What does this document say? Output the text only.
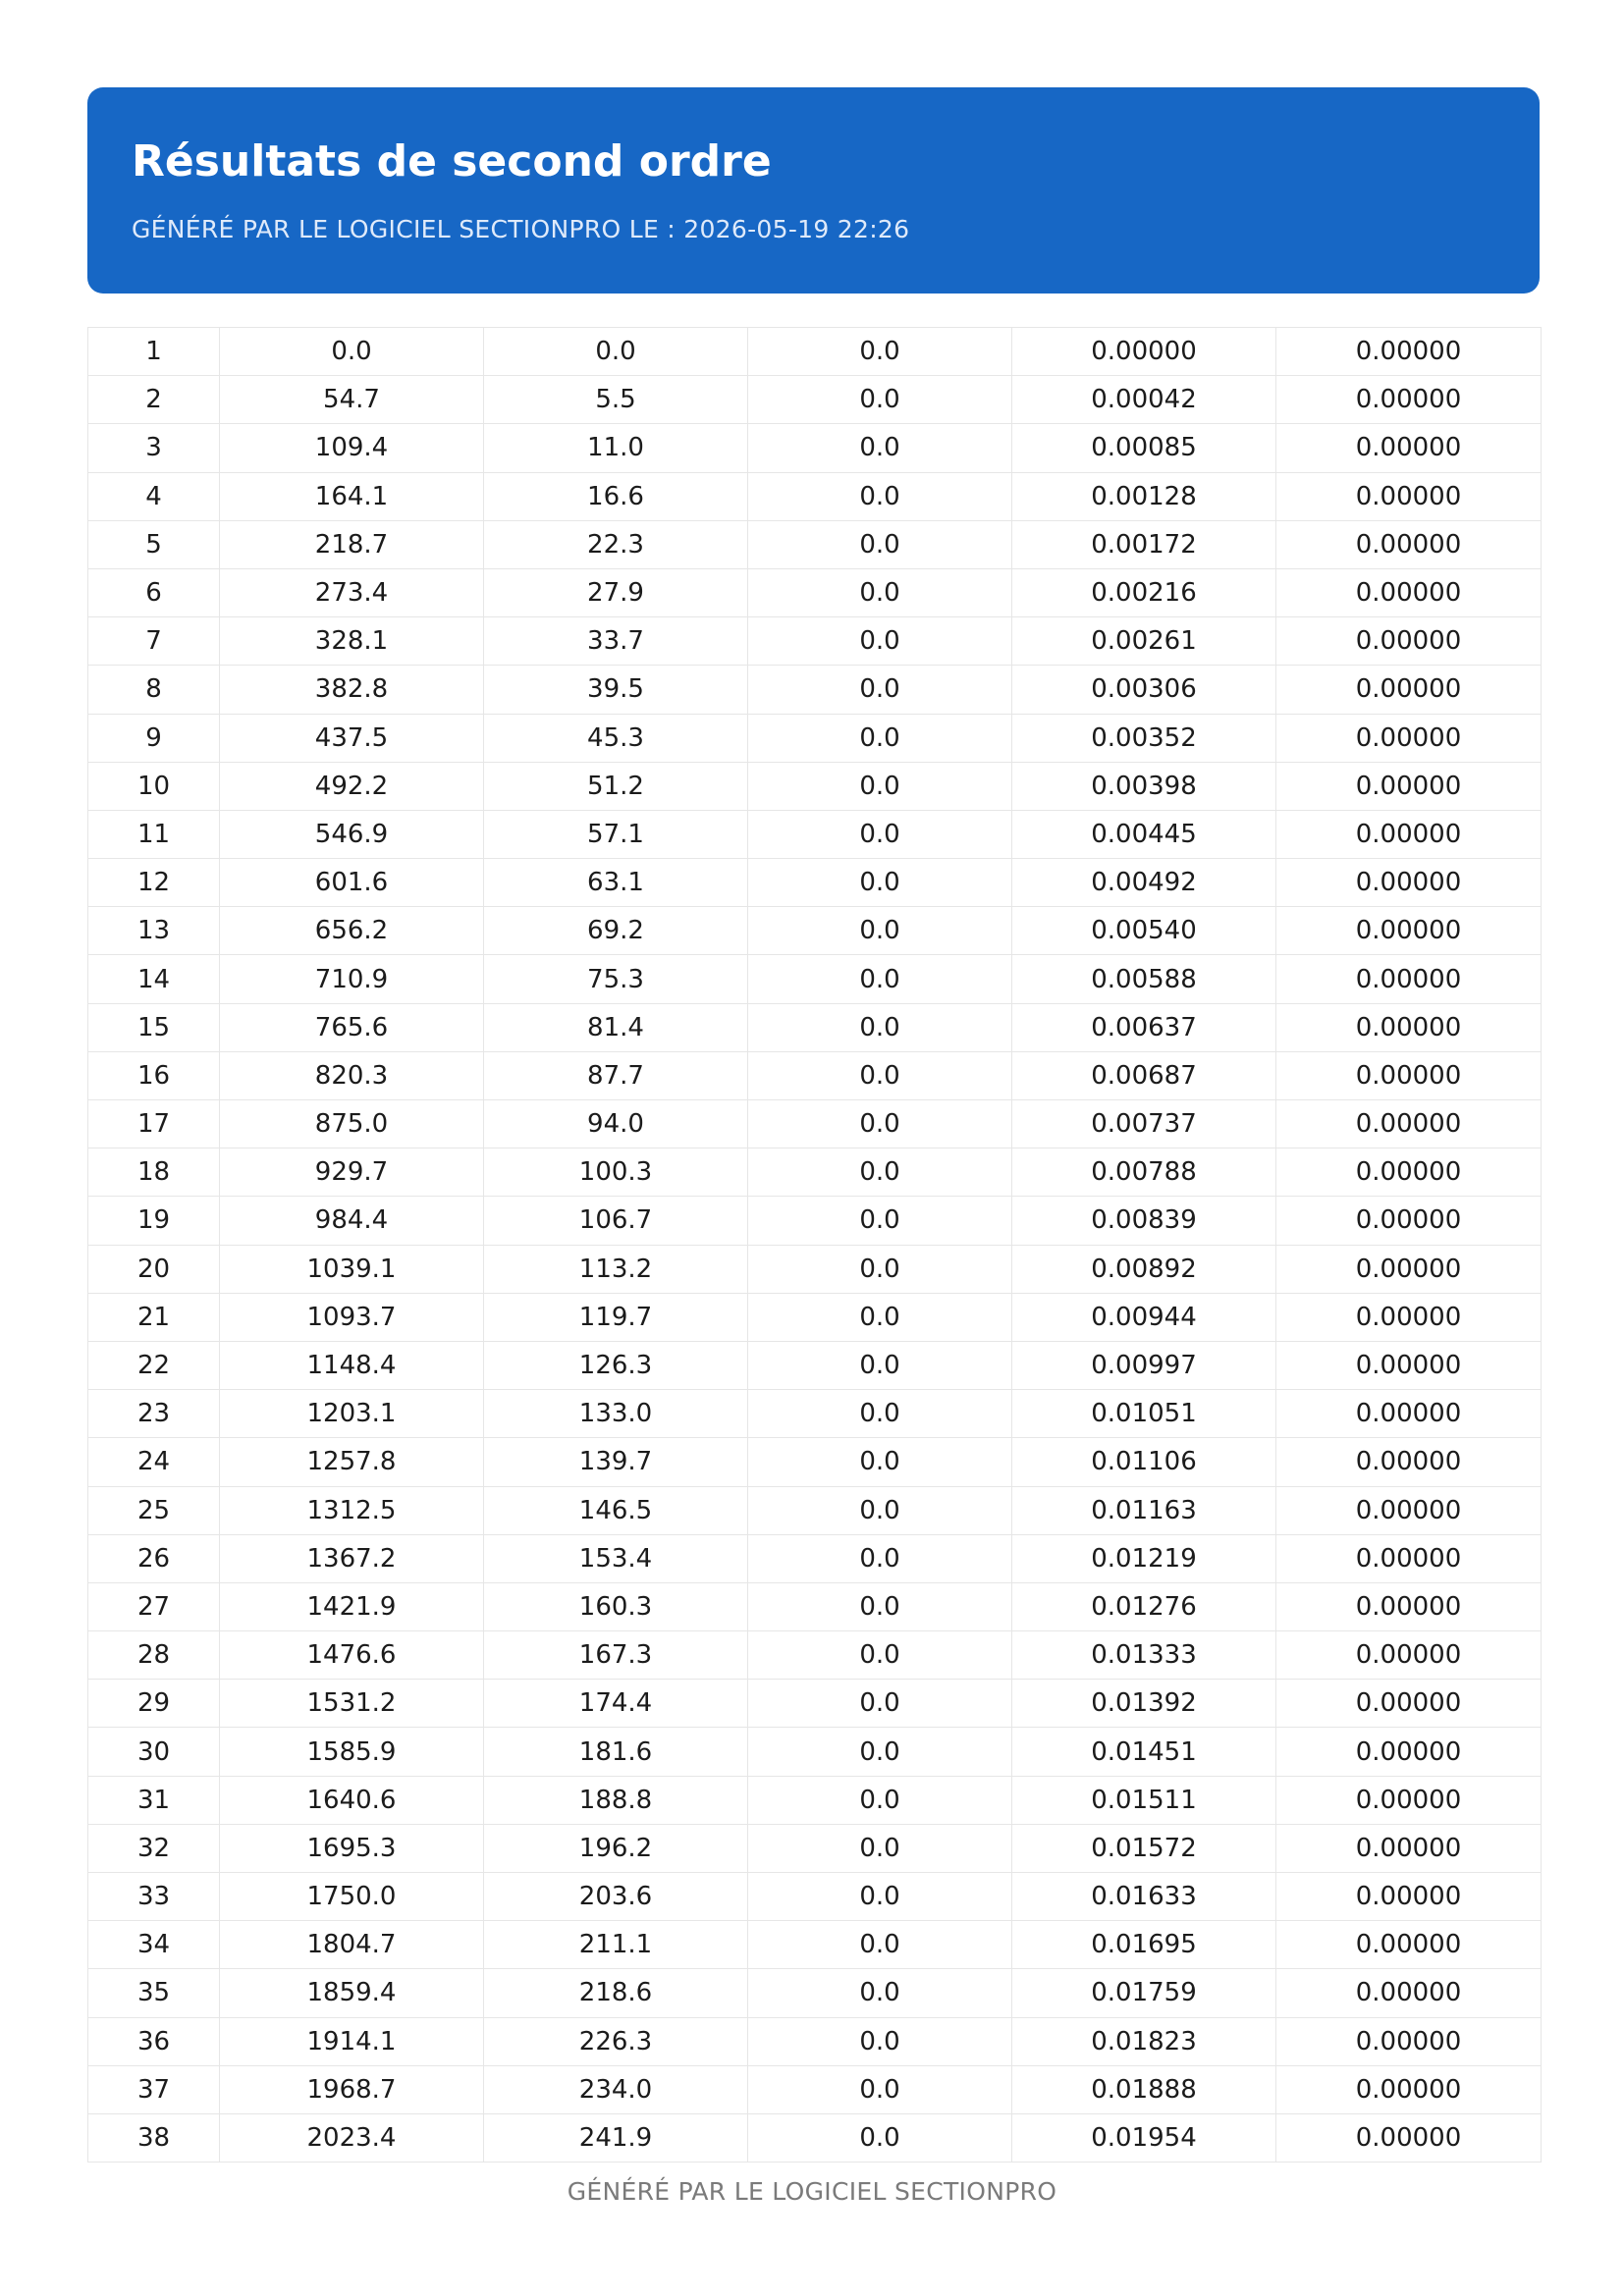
Résultats de second ordre
GÉNÉRÉ PAR LE LOGICIEL SECTIONPRO LE : 2026-05-19 22:26
1	0.0	0.0	0.0	0.00000	0.00000
2	54.7	5.5	0.0	0.00042	0.00000
3	109.4	11.0	0.0	0.00085	0.00000
4	164.1	16.6	0.0	0.00128	0.00000
5	218.7	22.3	0.0	0.00172	0.00000
6	273.4	27.9	0.0	0.00216	0.00000
7	328.1	33.7	0.0	0.00261	0.00000
8	382.8	39.5	0.0	0.00306	0.00000
9	437.5	45.3	0.0	0.00352	0.00000
10	492.2	51.2	0.0	0.00398	0.00000
11	546.9	57.1	0.0	0.00445	0.00000
12	601.6	63.1	0.0	0.00492	0.00000
13	656.2	69.2	0.0	0.00540	0.00000
14	710.9	75.3	0.0	0.00588	0.00000
15	765.6	81.4	0.0	0.00637	0.00000
16	820.3	87.7	0.0	0.00687	0.00000
17	875.0	94.0	0.0	0.00737	0.00000
18	929.7	100.3	0.0	0.00788	0.00000
19	984.4	106.7	0.0	0.00839	0.00000
20	1039.1	113.2	0.0	0.00892	0.00000
21	1093.7	119.7	0.0	0.00944	0.00000
22	1148.4	126.3	0.0	0.00997	0.00000
23	1203.1	133.0	0.0	0.01051	0.00000
24	1257.8	139.7	0.0	0.01106	0.00000
25	1312.5	146.5	0.0	0.01163	0.00000
26	1367.2	153.4	0.0	0.01219	0.00000
27	1421.9	160.3	0.0	0.01276	0.00000
28	1476.6	167.3	0.0	0.01333	0.00000
29	1531.2	174.4	0.0	0.01392	0.00000
30	1585.9	181.6	0.0	0.01451	0.00000
31	1640.6	188.8	0.0	0.01511	0.00000
32	1695.3	196.2	0.0	0.01572	0.00000
33	1750.0	203.6	0.0	0.01633	0.00000
34	1804.7	211.1	0.0	0.01695	0.00000
35	1859.4	218.6	0.0	0.01759	0.00000
36	1914.1	226.3	0.0	0.01823	0.00000
37	1968.7	234.0	0.0	0.01888	0.00000
38	2023.4	241.9	0.0	0.01954	0.00000
GÉNÉRÉ PAR LE LOGICIEL SECTIONPRO
